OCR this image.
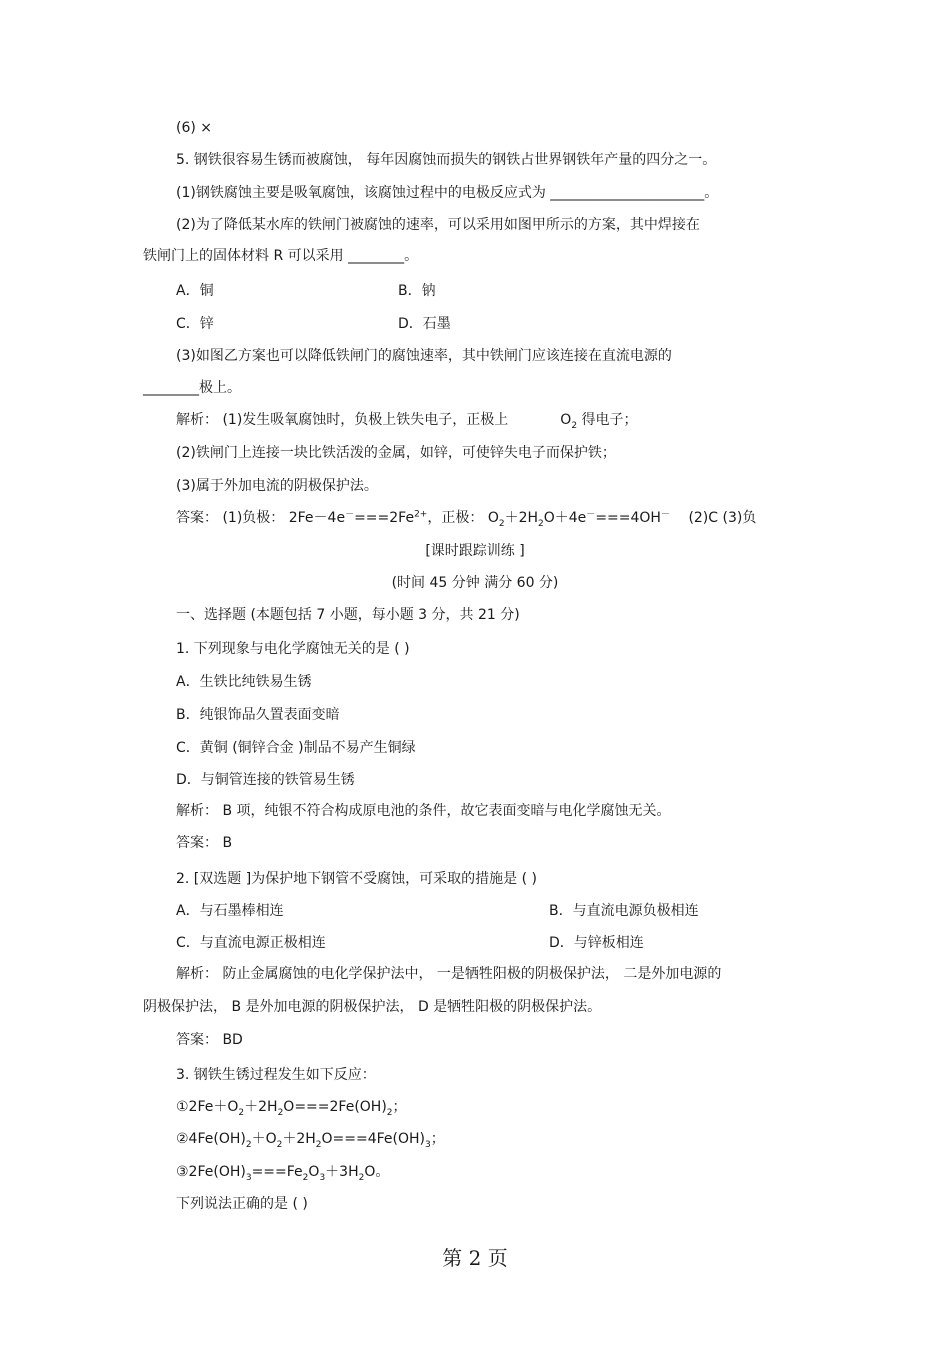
(6) ×
5. 钢铁很容易生锈而被腐蚀， 每年因腐蚀而损失的钢铁占世界钢铁年产量的四分之一。
(1)钢铁腐蚀主要是吸氧腐蚀，该腐蚀过程中的电极反应式为 ______________________。
(2)为了降低某水库的铁闸门被腐蚀的速率，可以采用如图甲所示的方案，其中焊接在
铁闸门上的固体材料 R 可以采用 ________。
A．铜	B．钠
C．锌	D．石墨
(3)如图乙方案也可以降低铁闸门的腐蚀速率，其中铁闸门应该连接在直流电源的
________极上。
解析： (1)发生吸氧腐蚀时，负极上铁失电子，正极上	$O_2$ 得电子；
(2)铁闸门上连接一块比铁活泼的金属，如锌，可使锌失电子而保护铁；
(3)属于外加电流的阴极保护法。
答案： (1)负极： $2Fe-4e^-===2Fe^{2+}$，正极： $O_2+2H_2O+4e^-===4OH^-$ (2)C (3)负
[课时跟踪训练 ]
(时间 45 分钟 满分 60 分)
一、选择题 (本题包括 7 小题，每小题 3 分，共 21 分)
1. 下列现象与电化学腐蚀无关的是 ( )
A．生铁比纯铁易生锈
B．纯银饰品久置表面变暗
C．黄铜 (铜锌合金 )制品不易产生铜绿
D．与铜管连接的铁管易生锈
解析： B 项，纯银不符合构成原电池的条件，故它表面变暗与电化学腐蚀无关。
答案： B
2. [双选题 ]为保护地下钢管不受腐蚀，可采取的措施是 ( )
A．与石墨棒相连	B．与直流电源负极相连
C．与直流电源正极相连	D．与锌板相连
解析： 防止金属腐蚀的电化学保护法中， 一是牺牲阳极的阴极保护法， 二是外加电源的
阴极保护法， B 是外加电源的阴极保护法， D 是牺牲阳极的阴极保护法。
答案： BD
3. 钢铁生锈过程发生如下反应：
$①2Fe+O_2+2H_2O===2Fe(OH)_2$；
$②4Fe(OH)_2+O_2+2H_2O===4Fe(OH)_3$；
$③2Fe(OH)_3===Fe_2O_3+3H_2O$。
下列说法正确的是 ( )
第 2 页
